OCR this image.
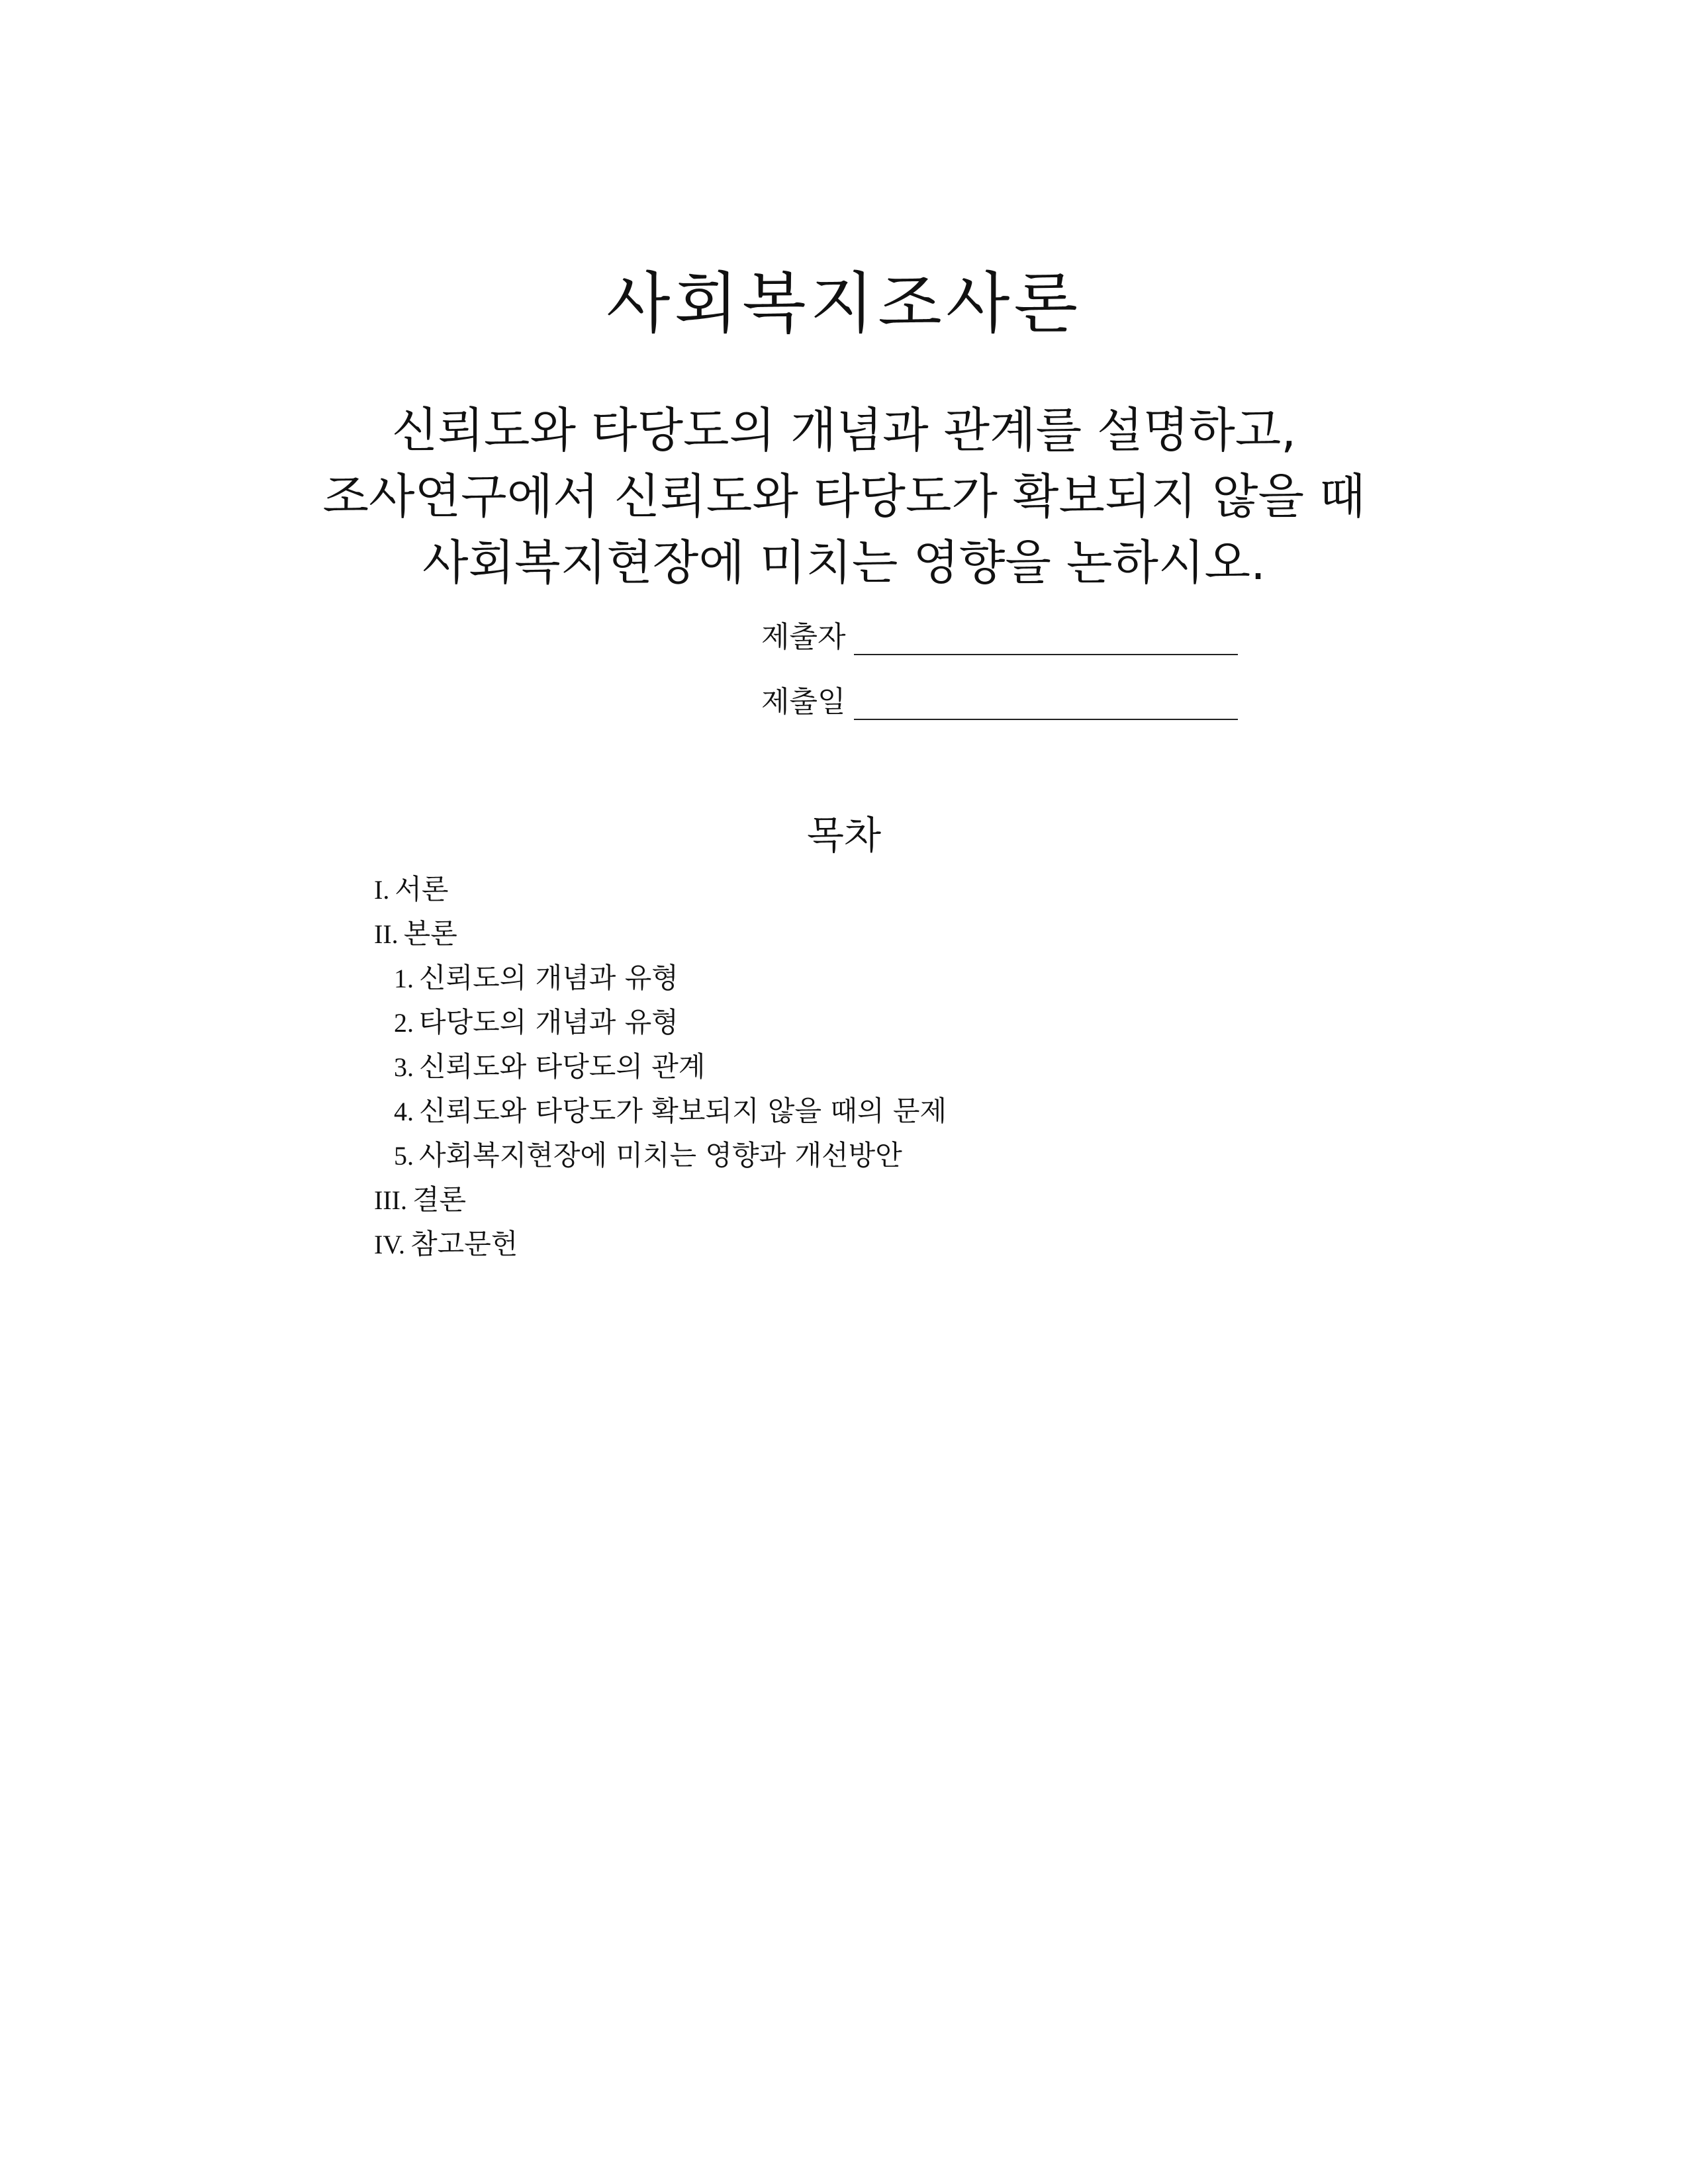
사회복지조사론
신뢰도와 타당도의 개념과 관계를 설명하고,
조사연구에서 신뢰도와 타당도가 확보되지 않을 때
사회복지현장에 미치는 영향을 논하시오.
제출자
제출일
목차
I. 서론
II. 본론
1. 신뢰도의 개념과 유형
2. 타당도의 개념과 유형
3. 신뢰도와 타당도의 관계
4. 신뢰도와 타당도가 확보되지 않을 때의 문제
5. 사회복지현장에 미치는 영향과 개선방안
III. 결론
IV. 참고문헌
